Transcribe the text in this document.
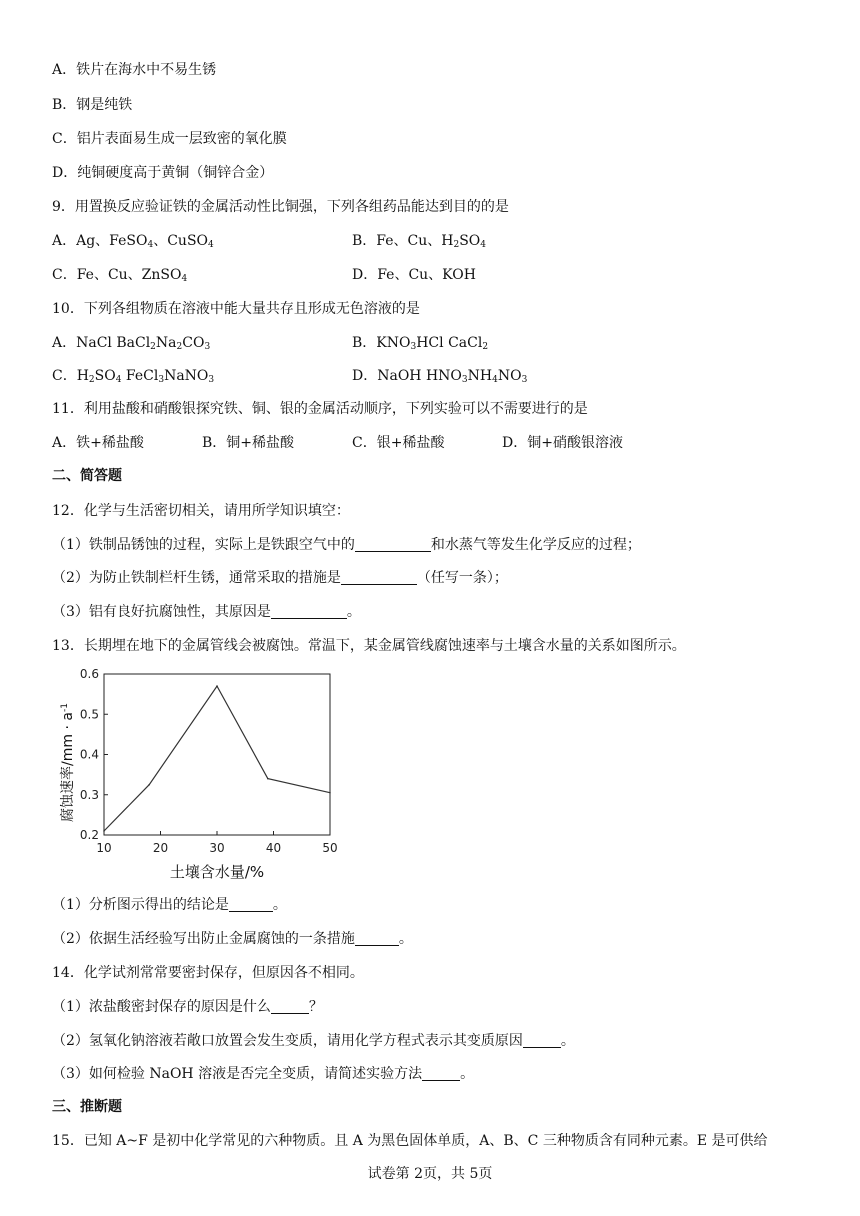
A．铁片在海水中不易生锈
B．钢是纯铁
C．铝片表面易生成一层致密的氧化膜
D．纯铜硬度高于黄铜（铜锌合金）
9．用置换反应验证铁的金属活动性比铜强，下列各组药品能达到目的的是
A．Ag、FeSO$_4$、CuSO$_4$	B．Fe、Cu、$H_2SO_4$
C．Fe、Cu、ZnSO$_4$	D．Fe、Cu、KOH
10．下列各组物质在溶液中能大量共存且形成无色溶液的是
A．NaCl $BaCl_2Na_2CO_3$	B．$KNO_3HCl$ CaCl$_2$
C．$H_2SO_4$ FeCl$_3$NaNO$_3$	D．NaOH $HNO_3NH_4NO_3$
11．利用盐酸和硝酸银探究铁、铜、银的金属活动顺序，下列实验可以不需要进行的是
A．铁+稀盐酸	B．铜+稀盐酸	C．银+稀盐酸	D．铜+硝酸银溶液
二、简答题
12．化学与生活密切相关，请用所学知识填空：
（1）铁制品锈蚀的过程，实际上是铁跟空气中的	和水蒸气等发生化学反应的过程；
（2）为防止铁制栏杆生锈，通常采取的措施是	（任写一条）；
（3）铝有良好抗腐蚀性，其原因是	。
13．长期埋在地下的金属管线会被腐蚀。常温下，某金属管线腐蚀速率与土壤含水量的关系如图所示。
10	20	30	40	50
0.2
0.3
0.4
0.5
0.6
土壤含水量/%
腐蚀速率$/mm \cdot a^{-1}$
（1）分析图示得出的结论是	。
（2）依据生活经验写出防止金属腐蚀的一条措施	。
14．化学试剂常常要密封保存，但原因各不相同。
（1）浓盐酸密封保存的原因是什么	？
（2）氢氧化钠溶液若敞口放置会发生变质，请用化学方程式表示其变质原因	。
（3）如何检验 NaOH 溶液是否完全变质，请简述实验方法	。
三、推断题
15．已知 A~F 是初中化学常见的六种物质。且 A 为黑色固体单质，A、B、C 三种物质含有同种元素。E 是可供给
试卷第 2页，共 5页
